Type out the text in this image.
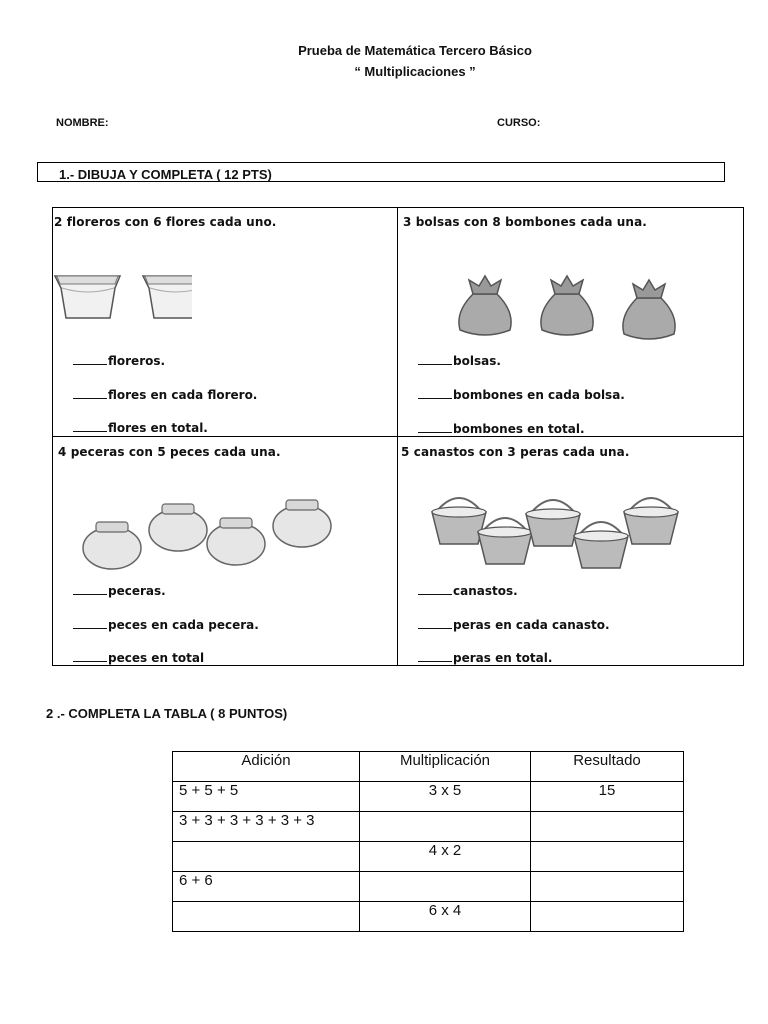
Prueba de Matemática Tercero Básico
“ Multiplicaciones ”
NOMBRE:	CURSO:
1.- DIBUJA Y COMPLETA ( 12 PTS)
2 floreros con 6 flores cada uno.
floreros.
flores en cada florero.
flores en total.
3 bolsas con 8 bombones cada una.
bolsas.
bombones en cada bolsa.
bombones en total.
4 peceras con 5 peces cada una.
peceras.
peces en cada pecera.
peces en total
5 canastos con 3 peras cada una.
canastos.
peras en cada canasto.
peras en total.
2 .- COMPLETA LA TABLA ( 8 PUNTOS)
Adición	Multiplicación	Resultado
5 + 5 + 5	3 x 5	15
3 + 3 + 3 + 3 + 3 + 3		
	4 x 2	
6 + 6		
	6 x 4	
